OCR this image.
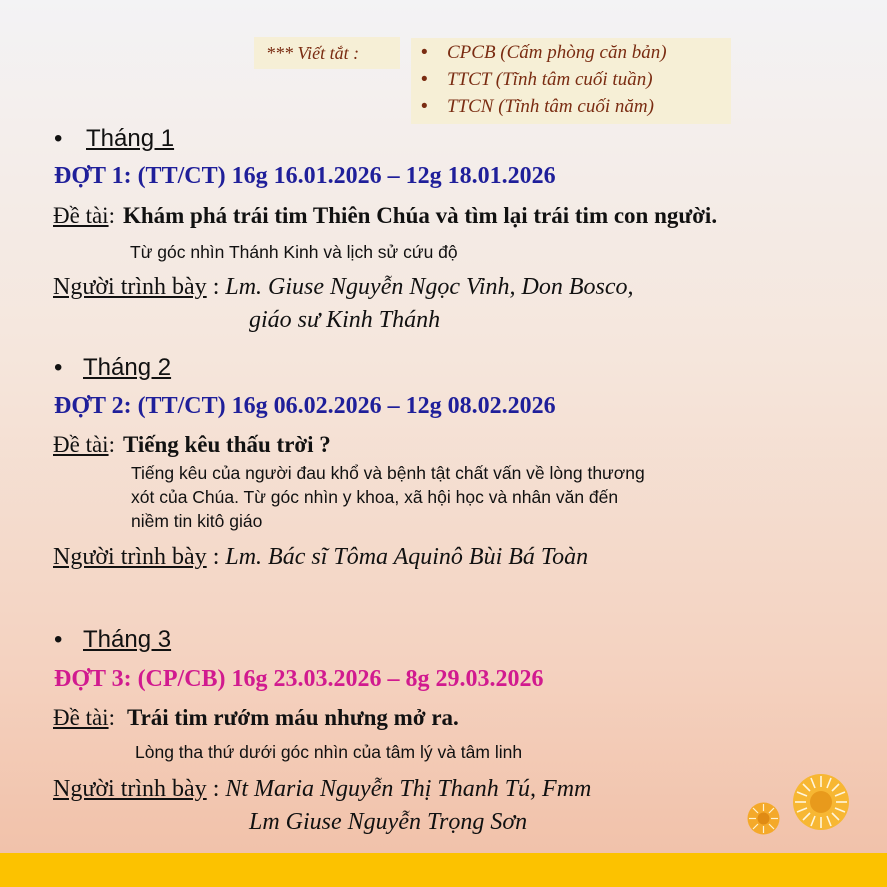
*** Viết tắt :	• CPCB (Cấm phòng căn bản)
• TTCT (Tĩnh tâm cuối tuần)
• TTCN (Tĩnh tâm cuối năm)
• Tháng 1
ĐỢT 1: (TT/CT) 16g 16.01.2026 – 12g 18.01.2026
Đề tài: Khám phá trái tim Thiên Chúa và tìm lại trái tim con người.
Từ góc nhìn Thánh Kinh và lịch sử cứu độ
Người trình bày : Lm. Giuse Nguyễn Ngọc Vinh, Don Bosco,
giáo sư Kinh Thánh
• Tháng 2
ĐỢT 2: (TT/CT) 16g 06.02.2026 – 12g 08.02.2026
Đề tài: Tiếng kêu thấu trời ?
Tiếng kêu của người đau khổ và bệnh tật chất vấn về lòng thương
xót của Chúa. Từ góc nhìn y khoa, xã hội học và nhân văn đến
niềm tin kitô giáo
Người trình bày : Lm. Bác sĩ Tôma Aquinô Bùi Bá Toàn
• Tháng 3
ĐỢT 3: (CP/CB) 16g 23.03.2026 – 8g 29.03.2026
Đề tài: Trái tim rướm máu nhưng mở ra.
Lòng tha thứ dưới góc nhìn của tâm lý và tâm linh
Người trình bày : Nt Maria Nguyễn Thị Thanh Tú, Fmm
Lm Giuse Nguyễn Trọng Sơn
